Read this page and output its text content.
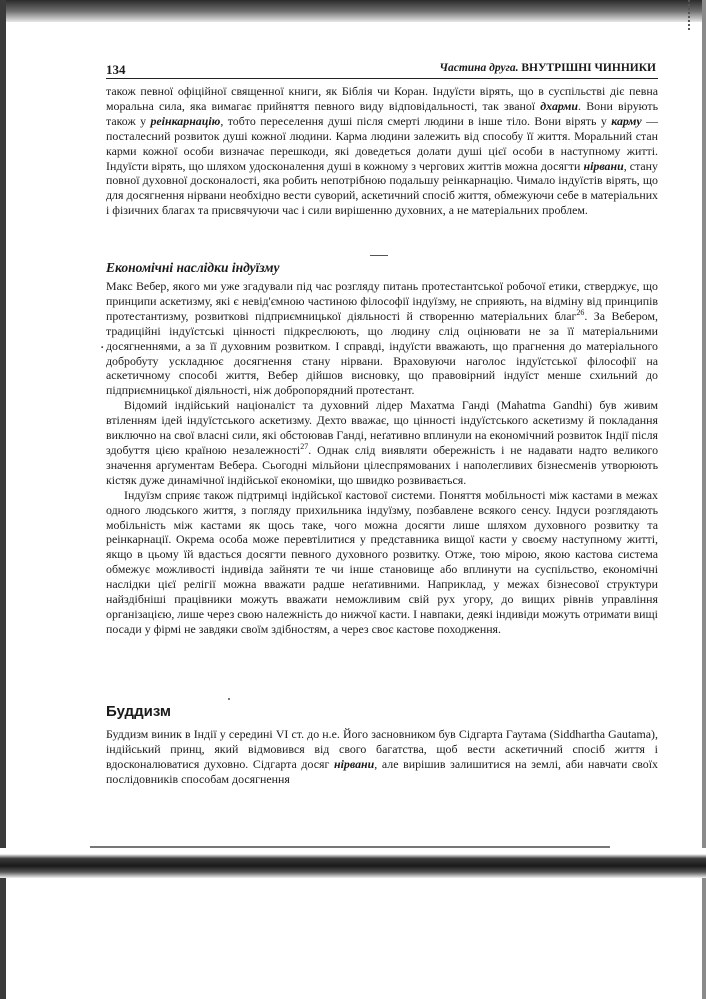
134	Частина друга. ВНУТРІШНІ ЧИННИКИ

також певної офіційної священної книги, як Біблія чи Коран. Індуїсти вірять, що в суспільстві діє певна моральна сила, яка вимагає прийняття певного виду відповідальності, так званої дхарми. Вони вірують також у реінкарнацію, тобто переселення душі після смерті людини в інше тіло. Вони вірять у карму — посталесний розвиток душі кожної людини. Карма людини залежить від способу її життя. Моральний стан карми кожної особи визначає перешкоди, які доведеться долати душі цієї особи в наступному житті. Індуїсти вірять, що шляхом удосконалення душі в кожному з чергових життів можна досягти нірвани, стану повної духовної досконалості, яка робить непотрібною подальшу реінкарнацію. Чимало індуїстів вірять, що для досягнення нірвани необхідно вести суворий, аскетичний спосіб життя, обмежуючи себе в матеріальних і фізичних благах та присвячуючи час і сили вирішенню духовних, а не матеріальних проблем.

Економічні наслідки індуїзму

Макс Вебер, якого ми уже згадували під час розгляду питань протестантської робочої етики, стверджує, що принципи аскетизму, які є невід'ємною частиною філософії індуїзму, не сприяють, на відміну від принципів протестантизму, розвиткові підприємницької діяльності й створенню матеріальних благ$^{26}$. За Вебером, традиційні індуїстські цінності підкреслюють, що людину слід оцінювати не за її матеріальними досягненнями, а за її духовним розвитком. І справді, індуїсти вважають, що прагнення до матеріального добробуту ускладнює досягнення стану нірвани. Враховуючи наголос індуїстської філософії на аскетичному способі життя, Вебер дійшов висновку, що правовірний індуїст менше схильний до підприємницької діяльності, ніж добропорядний протестант.

Відомий індійський націоналіст та духовний лідер Махатма Ганді (Mahatma Gandhi) був живим втіленням ідей індуїстського аскетизму. Дехто вважає, що цінності індуїстського аскетизму й покладання виключно на свої власні сили, які обстоював Ганді, неґативно вплинули на економічний розвиток Індії після здобуття цією країною незалежності$^{27}$. Однак слід виявляти обережність і не надавати надто великого значення арґументам Вебера. Сьогодні мільйони цілеспрямованих і наполегливих бізнесменів утворюють кістяк дуже динамічної індійської економіки, що швидко розвивається.

Індуїзм сприяє також підтримці індійської кастової системи. Поняття мобільності між кастами в межах одного людського життя, з погляду прихильника індуїзму, позбавлене всякого сенсу. Індуси розглядають мобільність між кастами як щось таке, чого можна досягти лише шляхом духовного розвитку та реінкарнації. Окрема особа може перевтілитися у представника вищої касти у своєму наступному житті, якщо в цьому їй вдасться досягти певного духовного розвитку. Отже, тою мірою, якою кастова система обмежує можливості індивіда зайняти те чи інше становище або вплинути на суспільство, економічні наслідки цієї релігії можна вважати радше неґативними. Наприклад, у межах бізнесової структури найздібніші працівники можуть вважати неможливим свій рух угору, до вищих рівнів управління організацією, лише через свою належність до нижчої касти. І навпаки, деякі індивіди можуть отримати вищі посади у фірмі не завдяки своїм здібностям, а через своє кастове походження.

·
Буддизм

Буддизм виник в Індії у середині VI ст. до н.е. Його засновником був Сідгарта Гаутама (Siddhartha Gautama), індійський принц, який відмовився від свого багатства, щоб вести аскетичний спосіб життя і вдосконалюватися духовно. Сідгарта досяг нірвани, але вирішив залишитися на землі, аби навчати своїх послідовників способам досягнення
